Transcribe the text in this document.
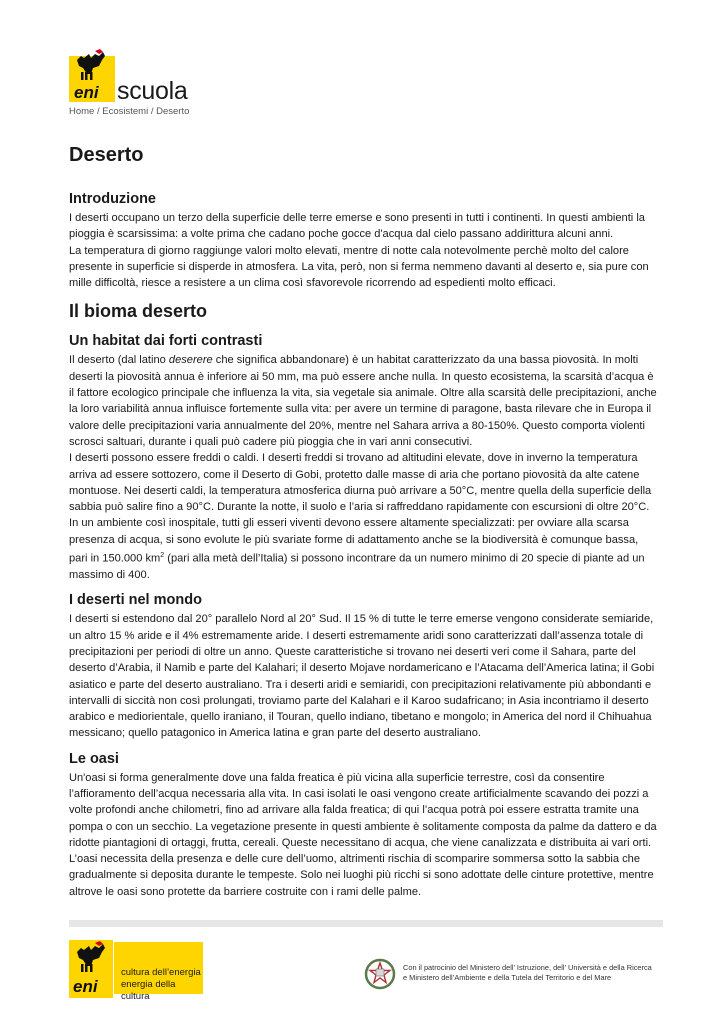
eni scuola
Home / Ecosistemi / Deserto
Deserto
Introduzione

I deserti occupano un terzo della superficie delle terre emerse e sono presenti in tutti i continenti. In questi ambienti la pioggia è scarsissima: a volte prima che cadano poche gocce d'acqua dal cielo passano addirittura alcuni anni.

La temperatura di giorno raggiunge valori molto elevati, mentre di notte cala notevolmente perchè molto del calore presente in superficie si disperde in atmosfera. La vita, però, non si ferma nemmeno davanti al deserto e, sia pure con mille difficoltà, riesce a resistere a un clima così sfavorevole ricorrendo ad espedienti molto efficaci.

Il bioma deserto
Un habitat dai forti contrasti

Il deserto (dal latino deserere che significa abbandonare) è un habitat caratterizzato da una bassa piovosità. In molti deserti la piovosità annua è inferiore ai 50 mm, ma può essere anche nulla. In questo ecosistema, la scarsità d’acqua è il fattore ecologico principale che influenza la vita, sia vegetale sia animale. Oltre alla scarsità delle precipitazioni, anche la loro variabilità annua influisce fortemente sulla vita: per avere un termine di paragone, basta rilevare che in Europa il valore delle precipitazioni varia annualmente del 20%, mentre nel Sahara arriva a 80-150%. Questo comporta violenti scrosci saltuari, durante i quali può cadere più pioggia che in vari anni consecutivi.

I deserti possono essere freddi o caldi. I deserti freddi si trovano ad altitudini elevate, dove in inverno la temperatura arriva ad essere sottozero, come il Deserto di Gobi, protetto dalle masse di aria che portano piovosità da alte catene montuose. Nei deserti caldi, la temperatura atmosferica diurna può arrivare a 50°C, mentre quella della superficie della sabbia può salire fino a 90°C. Durante la notte, il suolo e l’aria si raffreddano rapidamente con escursioni di oltre 20°C.

In un ambiente così inospitale, tutti gli esseri viventi devono essere altamente specializzati: per ovviare alla scarsa presenza di acqua, si sono evolute le più svariate forme di adattamento anche se la biodiversità è comunque bassa, pari in 150.000 $km^2$ (pari alla metà dell’Italia) si possono incontrare da un numero minimo di 20 specie di piante ad un massimo di 400.

I deserti nel mondo

I deserti si estendono dal 20° parallelo Nord al 20° Sud. Il 15 % di tutte le terre emerse vengono considerate semiaride, un altro 15 % aride e il 4% estremamente aride. I deserti estremamente aridi sono caratterizzati dall’assenza totale di precipitazioni per periodi di oltre un anno. Queste caratteristiche si trovano nei deserti veri come il Sahara, parte del deserto d’Arabia, il Namib e parte del Kalahari; il deserto Mojave nordamericano e l’Atacama dell’America latina; il Gobi asiatico e parte del deserto australiano. Tra i deserti aridi e semiaridi, con precipitazioni relativamente più abbondanti e intervalli di siccità non così prolungati, troviamo parte del Kalahari e il Karoo sudafricano; in Asia incontriamo il deserto arabico e mediorientale, quello iraniano, il Touran, quello indiano, tibetano e mongolo; in America del nord il Chihuahua messicano; quello patagonico in America latina e gran parte del deserto australiano.

Le oasi

Un'oasi si forma generalmente dove una falda freatica è più vicina alla superficie terrestre, così da consentire l’affioramento dell’acqua necessaria alla vita. In casi isolati le oasi vengono create artificialmente scavando dei pozzi a volte profondi anche chilometri, fino ad arrivare alla falda freatica; di qui l’acqua potrà poi essere estratta tramite una pompa o con un secchio. La vegetazione presente in questi ambiente è solitamente composta da palme da dattero e da ridotte piantagioni di ortaggi, frutta, cereali. Queste necessitano di acqua, che viene canalizzata e distribuita ai vari orti.

L’oasi necessita della presenza e delle cure dell’uomo, altrimenti rischia di scomparire sommersa sotto la sabbia che gradualmente si deposita durante le tempeste. Solo nei luoghi più ricchi si sono adottate delle cinture protettive, mentre altrove le oasi sono protette da barriere costruite con i rami delle palme.

eni
cultura dell’energia
energia della cultura
Con il patrocinio del Ministero dell’ Istruzione, dell’ Università e della Ricerca
e Ministero dell’Ambiente e della Tutela del Territorio e del Mare
